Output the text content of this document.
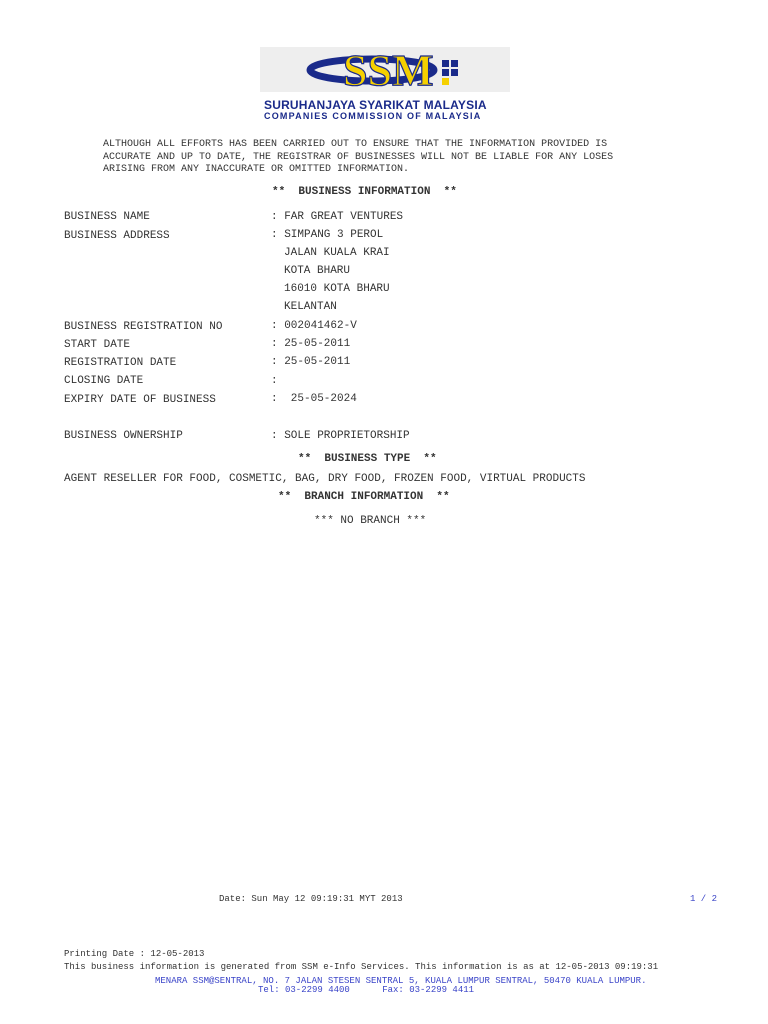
SSM
SURUHANJAYA SYARIKAT MALAYSIA
COMPANIES COMMISSION OF MALAYSIA
ALTHOUGH ALL EFFORTS HAS BEEN CARRIED OUT TO ENSURE THAT THE INFORMATION PROVIDED IS
ACCURATE AND UP TO DATE, THE REGISTRAR OF BUSINESSES WILL NOT BE LIABLE FOR ANY LOSES
ARISING FROM ANY INACCURATE OR OMITTED INFORMATION.
**  BUSINESS INFORMATION  **
BUSINESS NAME	: FAR GREAT VENTURES
BUSINESS ADDRESS	: SIMPANG 3 PEROL
JALAN KUALA KRAI
KOTA BHARU
16010 KOTA BHARU
KELANTAN
BUSINESS REGISTRATION NO	: 002041462-V
START DATE	: 25-05-2011
REGISTRATION DATE	: 25-05-2011
CLOSING DATE	:
EXPIRY DATE OF BUSINESS	:  25-05-2024
BUSINESS OWNERSHIP	: SOLE PROPRIETORSHIP
**  BUSINESS TYPE  **
AGENT RESELLER FOR FOOD, COSMETIC, BAG, DRY FOOD, FROZEN FOOD, VIRTUAL PRODUCTS
**  BRANCH INFORMATION  **
*** NO BRANCH ***
Date: Sun May 12 09:19:31 MYT 2013	1 / 2
Printing Date : 12-05-2013
This business information is generated from SSM e-Info Services. This information is as at 12-05-2013 09:19:31
MENARA SSM@SENTRAL, NO. 7 JALAN STESEN SENTRAL 5, KUALA LUMPUR SENTRAL, 50470 KUALA LUMPUR.
Tel: 03-2299 4400      Fax: 03-2299 4411
